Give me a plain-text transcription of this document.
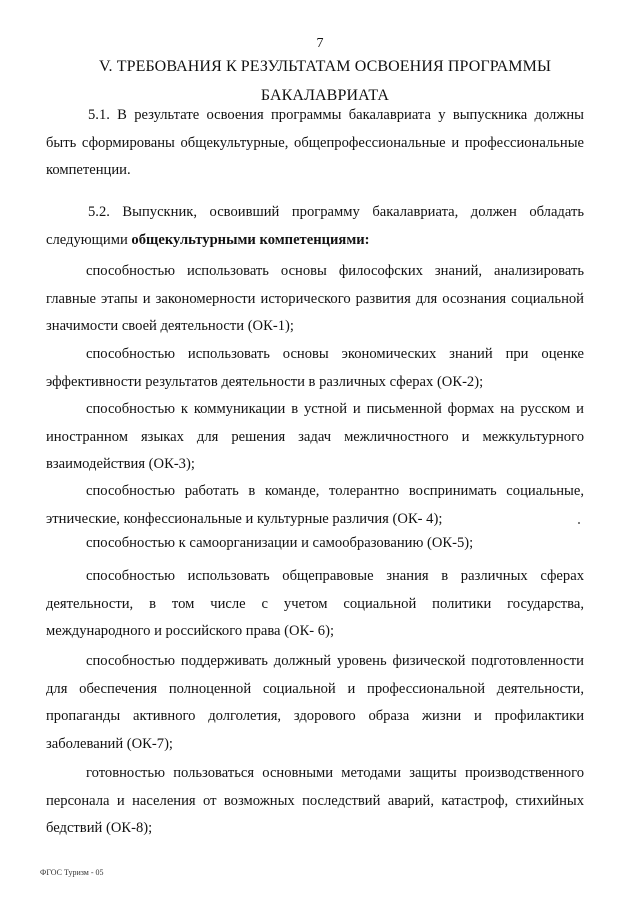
7
V. ТРЕБОВАНИЯ К РЕЗУЛЬТАТАМ ОСВОЕНИЯ ПРОГРАММЫ
БАКАЛАВРИАТА

5.1. В результате освоения программы бакалавриата у выпускника должны быть сформированы общекультурные, общепрофессиональные и профессиональные компетенции.

5.2. Выпускник, освоивший программу бакалавриата, должен обладать следующими общекультурными компетенциями:

способностью использовать основы философских знаний, анализировать главные этапы и закономерности исторического развития для осознания социальной значимости своей деятельности (ОК-1);

способностью использовать основы экономических знаний при оценке эффективности результатов деятельности в различных сферах (ОК-2);

способностью к коммуникации в устной и письменной формах на русском и иностранном языках для решения задач межличностного и межкультурного взаимодействия (ОК-3);

способностью работать в команде, толерантно воспринимать социальные, этнические, конфессиональные и культурные различия (ОК- 4);

способностью к самоорганизации и самообразованию (ОК-5);

способностью использовать общеправовые знания в различных сферах деятельности, в том числе с учетом социальной политики государства, международного и российского права (ОК- 6);

способностью поддерживать должный уровень физической подготовленности для обеспечения полноценной социальной и профессиональной деятельности, пропаганды активного долголетия, здорового образа жизни и профилактики заболеваний (ОК-7);

готовностью пользоваться основными методами защиты производственного персонала и населения от возможных последствий аварий, катастроф, стихийных бедствий (ОК-8);

ФГОС Туризм - 05
